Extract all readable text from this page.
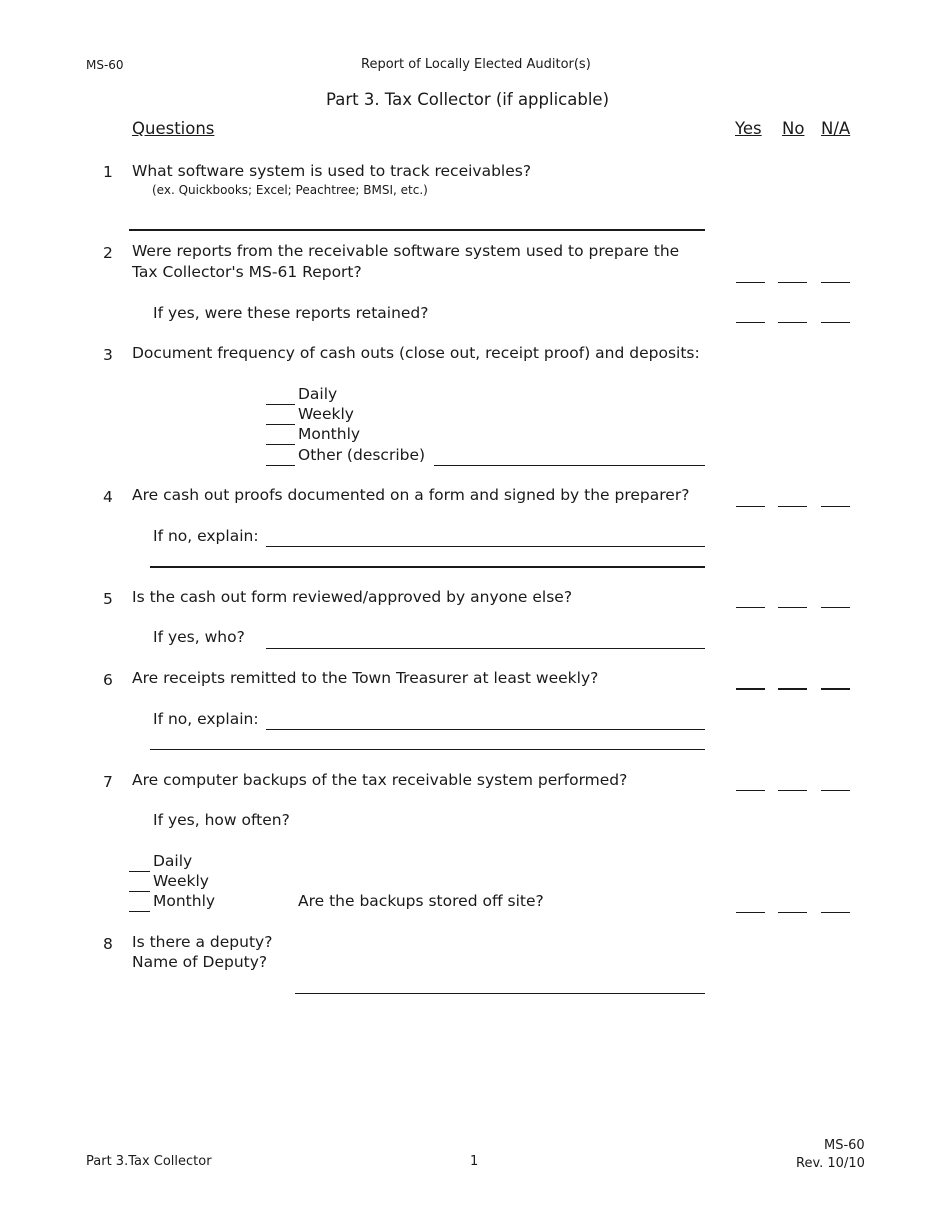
MS-60	Report of Locally Elected Auditor(s)
Part 3. Tax Collector (if applicable)
Questions	Yes No N/A
1 What software system is used to track receivables?
(ex. Quickbooks; Excel; Peachtree; BMSI, etc.)
2 Were reports from the receivable software system used to prepare the
Tax Collector's MS-61 Report?
If yes, were these reports retained?
3 Document frequency of cash outs (close out, receipt proof) and deposits:
Daily
Weekly
Monthly
Other (describe)
4 Are cash out proofs documented on a form and signed by the preparer?
If no, explain:
5 Is the cash out form reviewed/approved by anyone else?
If yes, who?
6 Are receipts remitted to the Town Treasurer at least weekly?
If no, explain:
7 Are computer backups of the tax receivable system performed?
If yes, how often?
Daily
Weekly
Monthly	Are the backups stored off site?
8 Is there a deputy?
Name of Deputy?
Part 3.Tax Collector	1
MS-60
Rev. 10/10
